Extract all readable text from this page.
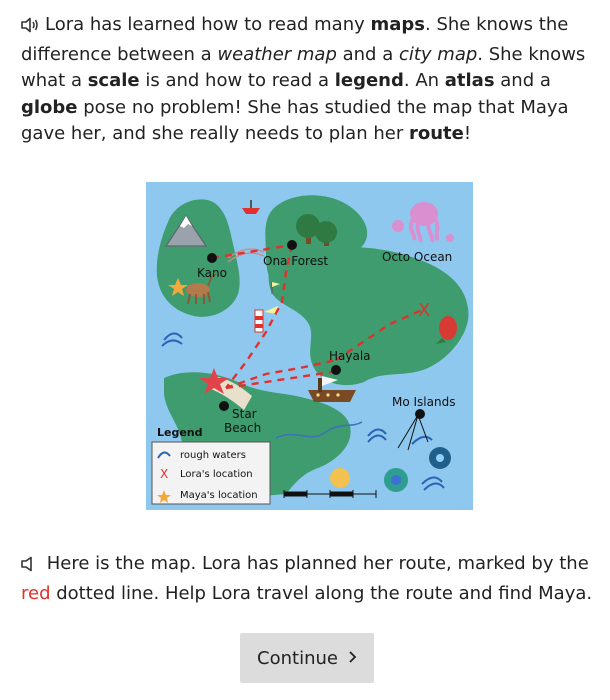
Lora has learned how to read many maps. She knows the difference between a weather map and a city map. She knows what a scale is and how to read a legend. An atlas and a globe pose no problem! She has studied the map that Maya gave her, and she really needs to plan her route!

X
Kano
Ona Forest	Octo Ocean
Hayala
Mo Islands
Star
Beach
Legend
rough waters
X Lora's location
Maya's location

Here is the map. Lora has planned her route, marked by the red dotted line. Help Lora travel along the route and find Maya.

Continue
